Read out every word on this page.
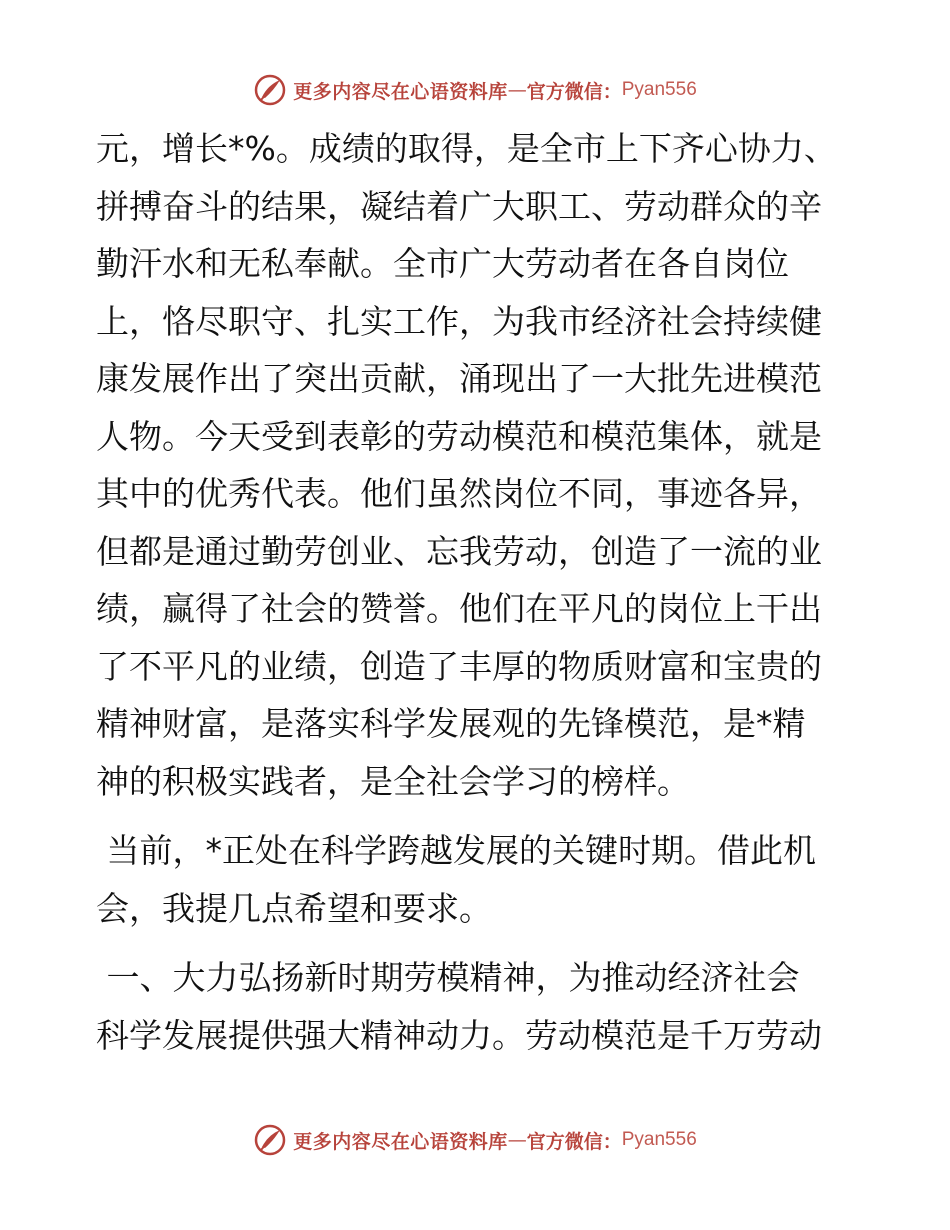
更多内容尽在心语资料库 — 官方微信： Pyan556
元，增长*%。成绩的取得，是全市上下齐心协力、
拼搏奋斗的结果，凝结着广大职工、劳动群众的辛
勤汗水和无私奉献。全市广大劳动者在各自岗位
上，恪尽职守、扎实工作，为我市经济社会持续健
康发展作出了突出贡献，涌现出了一大批先进模范
人物。今天受到表彰的劳动模范和模范集体，就是
其中的优秀代表。他们虽然岗位不同，事迹各异，
但都是通过勤劳创业、忘我劳动，创造了一流的业
绩，赢得了社会的赞誉。他们在平凡的岗位上干出
了不平凡的业绩，创造了丰厚的物质财富和宝贵的
精神财富，是落实科学发展观的先锋模范，是*精
神的积极实践者，是全社会学习的榜样。
当前，*正处在科学跨越发展的关键时期。借此机
会，我提几点希望和要求。
一、大力弘扬新时期劳模精神，为推动经济社会
科学发展提供强大精神动力。劳动模范是千万劳动
更多内容尽在心语资料库 — 官方微信： Pyan556
